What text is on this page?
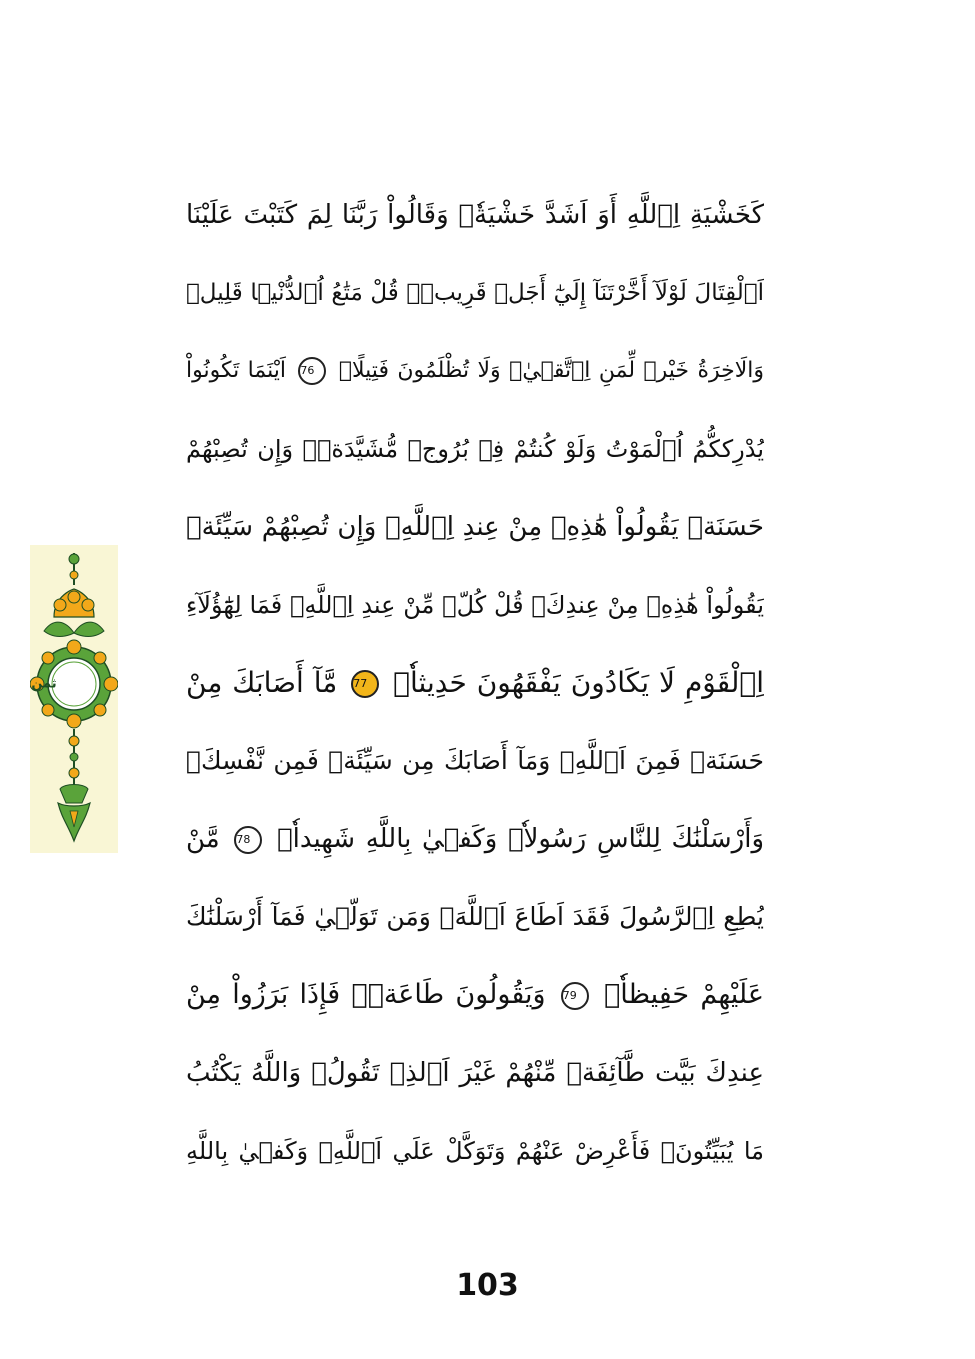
ثمن
كَخَشْيَةِ اِ۬للَّهِ أَوَ اَشَدَّ خَشْيَةٗۖ وَقَالُواْ رَبَّنَا لِمَ كَتَبْتَ عَلَيْنَا
اَ۬لْقِتَالَ لَوْلَآ أَخَّرْتَنَآ إِلَيٰٓ أَجَلٖ قَرِيبٖۖ قُلْ مَتَٰعُ اُ۬لدُّنْي۪ا قَلِيلٞ
وَالَاخِرَةُ خَيْرٞ لِّمَنِ اِ۪تَّق۪يٰۖ وَلَا تُظْلَمُونَ فَتِيلًاۖ 76 اَيْنَمَا تَكُونُواْ
يُدْرِككُّمُ اُ۬لْمَوْتُ وَلَوْ كُنتُمْ فِے بُرُوجٖ مُّشَيَّدَةٖۖ وَإِن تُصِبْهُمْ
حَسَنَةٞ يَقُولُواْ هَٰذِهِۦ مِنْ عِندِ اِ۬للَّهِۖ وَإِن تُصِبْهُمْ سَيِّئَةٞ
يَقُولُواْ هَٰذِهِۦ مِنْ عِندِكَۖ قُلْ كُلّٞ مِّنْ عِندِ اِ۬للَّهِۖ فَمَا لِهَٰٓؤُلَآءِ
اِ۬لْقَوْمِ لَا يَكَادُونَ يَفْقَهُونَ حَدِيثاٗۖ 77 مَّآ أَصَابَكَ مِنْ
حَسَنَةٖ فَمِنَ اَ۬للَّهِۖ وَمَآ أَصَابَكَ مِن سَيِّئَةٖ فَمِن نَّفْسِكَۖ
وَأَرْسَلْنَٰكَ لِلنَّاسِ رَسُولاٗۖ وَكَف۪يٰ بِاللَّهِ شَهِيداٗۖ 78 مَّنْ
يُطِعِ اِ۬لرَّسُولَ فَقَدَ اَطَاعَ اَ۬للَّهَۖ وَمَن تَوَلّ۪يٰ فَمَآ أَرْسَلْنَٰكَ
عَلَيْهِمْ حَفِيظاٗۖ 79 وَيَقُولُونَ طَاعَةٞۖ فَإِذَا بَرَزُواْ مِنْ
عِندِكَ بَيَّت طَّآئِفَةٞ مِّنْهُمْ غَيْرَ اَ۬لذِے تَقُولُۖ وَاللَّهُ يَكْتُبُ
مَا يُبَيِّتُونَۖ فَأَعْرِضْ عَنْهُمْ وَتَوَكَّلْ عَلَي اَ۬للَّهِۖ وَكَف۪يٰ بِاللَّهِ
103
